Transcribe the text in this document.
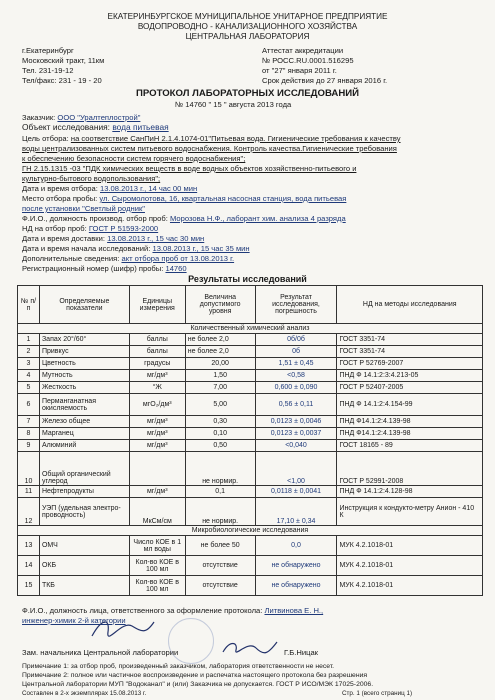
ЕКАТЕРИНБУРГСКОЕ МУНИЦИПАЛЬНОЕ УНИТАРНОЕ ПРЕДПРИЯТИЕ
ВОДОПРОВОДНО - КАНАЛИЗАЦИОННОГО ХОЗЯЙСТВА
ЦЕНТРАЛЬНАЯ ЛАБОРАТОРИЯ
г.Екатеринбург
Московский тракт, 11км
Тел. 231-19-12
Тел/факс: 231 - 19 - 20
Аттестат аккредитации
№ РОСС.RU.0001.516295
от "27" января 2011 г.
Срок действия до 27 января 2016 г.
ПРОТОКОЛ ЛАБОРАТОРНЫХ ИССЛЕДОВАНИЙ
№ 14760 " 15 " августа 2013 года
Заказчик: ООО "Уралтеплострой"
Объект исследования: вода питьевая
Цель отбора: на соответствие СанПиН 2.1.4.1074-01"Питьевая вода. Гигиенические требования к качеству
воды централизованных систем питьевого водоснабжения. Контроль качества.Гигиенические требования
к обеспечению безопасности систем горячего водоснабжения";
ГН 2.15.1315 -03 "ПДК химических веществ в воде водных объектов хозяйственно-питьевого и
культурно-бытового водопользования";
Дата и время отбора: 13.08.2013 г., 14 час 00 мин
Место отбора пробы: ул. Сыромолотова, 16, квартальная насосная станция, вода питьевая
после установки "Светлый родник"
Ф.И.О., должность производ. отбор проб: Морозова Н.Ф., лаборант хим. анализа 4 разряда
НД на отбор проб: ГОСТ Р 51593-2000
Дата и время доставки: 13.08.2013 г., 15 час 30 мин
Дата и время начала исследований: 13.08.2013 г., 15 час 35 мин
Дополнительные сведения: акт отбора проб от 13.08.2013 г.
Регистрационный номер (шифр) пробы: 14760
Результаты исследований
№ п/п	Определяемые показатели	Единицы измерения	Величина допустимого уровня	Результат исследования, погрешность	НД на методы исследования
Количественный химический анализ					
1	Запах 20°/60°	баллы	не более 2,0	0б/0б	ГОСТ 3351-74
2	Привкус	баллы	не более 2,0	0б	ГОСТ 3351-74
3	Цветность	градусы	20,00	1,51 ± 0,45	ГОСТ Р 52769-2007
4	Мутность	мг/дм³	1,50	<0,58	ПНД Ф 14.1:2:3:4.213-05
5	Жесткость	°Ж	7,00	0,600 ± 0,090	ГОСТ Р 52407-2005
6	Перманганатная окисляемость	мгО₂/дм³	5,00	0,56 ± 0,11	ПНД Ф 14.1:2:4.154-99
7	Железо общее	мг/дм³	0,30	0,0123 ± 0,0046	ПНД Ф14.1:2:4.139-98
8	Марганец	мг/дм³	0,10	0,0123 ± 0,0037	ПНД Ф14.1:2:4.139-98
9	Алюминий	мг/дм³	0,50	<0,040	ГОСТ 18165 - 89
10	Общий органический углерод		не нормир.	<1,00	ГОСТ Р 52991-2008
11	Нефтепродукты	мг/дм³	0,1	0,0118 ± 0,0041	ПНД Ф 14.1:2:4.128-98
12	УЭП (удельная электро-проводность)	МкСм/см	не нормир.	17,10 ± 0,34	Инструкция к кондукто-метру Анион - 410 К
Микробиологические исследования					
13	ОМЧ	Число КОЕ в 1 мл воды	не более 50	0,0	МУК 4.2.1018-01
14	ОКБ	Кол-во КОЕ в 100 мл	отсутствие	не обнаружено	МУК 4.2.1018-01
15	ТКБ	Кол-во КОЕ в 100 мл	отсутствие	не обнаружено	МУК 4.2.1018-01
Ф.И.О., должность лица, ответственного за оформление протокола: Литвинова Е. Н.,
инженер-химик 2-й категории
Зам. начальника Центральной лаборатории	Г.Б.Ницак
Примечание 1: за отбор проб, произведенный заказчиком, лаборатория ответственности не несет.
Примечание 2: полное или частичное воспроизведение и распечатка настоящего протокола без разрешения
Центральной лаборатории МУП "Водоканал" и (или) Заказчика не допускается. ГОСТ Р ИСО/МЭК 17025-2006.
Составлен в 2-х экземплярах 15.08.2013 г.	Стр. 1 (всего страниц 1)
